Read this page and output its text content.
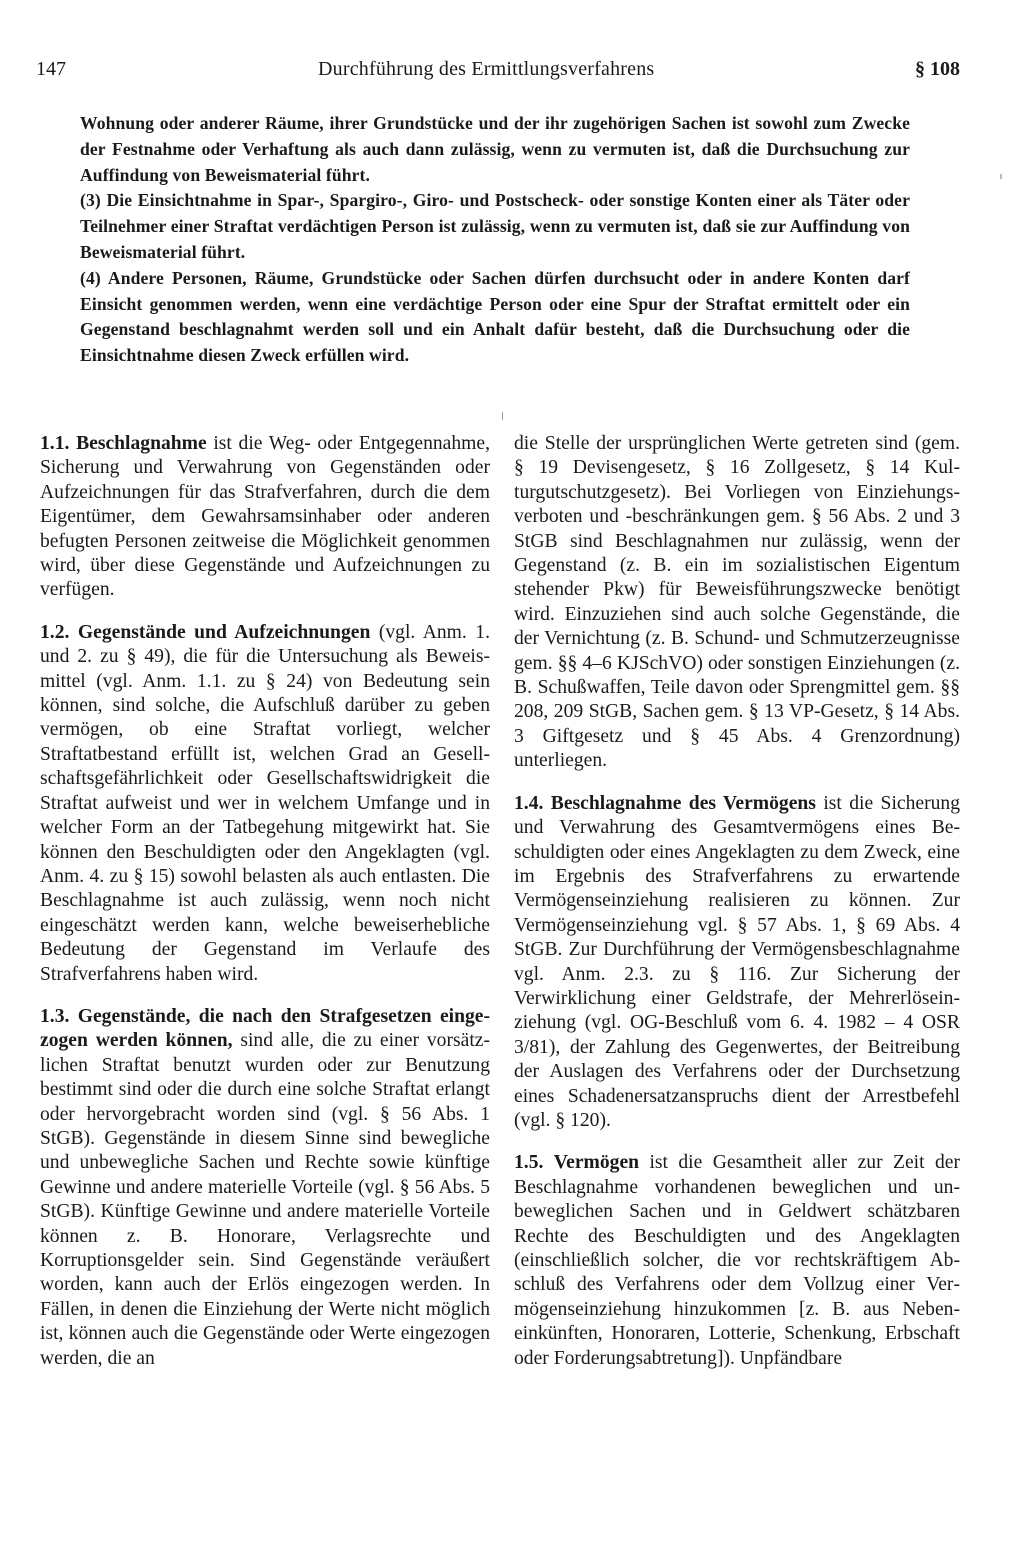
147	Durchführung des Ermittlungsverfahrens	§ 108

Wohnung oder anderer Räume, ihrer Grundstücke und der ihr zugehörigen Sachen ist sowohl zum Zwecke der Festnahme oder Verhaftung als auch dann zulässig, wenn zu vermuten ist, daß die Durchsuchung zur Auffindung von Beweismaterial führt.

(3) Die Einsichtnahme in Spar-, Spargiro-, Giro- und Postscheck- oder sonstige Konten einer als Täter oder Teilnehmer einer Straftat verdächtigen Person ist zulässig, wenn zu vermuten ist, daß sie zur Auffindung von Beweismaterial führt.

(4) Andere Personen, Räume, Grundstücke oder Sachen dürfen durchsucht oder in andere Konten darf Einsicht genommen werden, wenn eine verdächtige Person oder eine Spur der Straftat ermittelt oder ein Gegenstand beschlagnahmt werden soll und ein Anhalt dafür besteht, daß die Durchsuchung oder die Einsichtnahme diesen Zweck erfüllen wird.

1.1. Beschlagnahme ist die Weg- oder Entgegennahme, Sicherung und Verwahrung von Gegenständen oder Aufzeichnungen für das Strafverfahren, durch die dem Eigentümer, dem Gewahrsamsinhaber oder anderen befugten Personen zeitweise die Möglichkeit genommen wird, über diese Gegenstände und Aufzeichnungen zu verfügen.

1.2. Gegenstände und Aufzeichnungen (vgl. Anm. 1. und 2. zu § 49), die für die Untersuchung als Beweismittel (vgl. Anm. 1.1. zu § 24) von Bedeutung sein können, sind solche, die Aufschluß darüber zu geben vermögen, ob eine Straftat vorliegt, welcher Straftatbestand erfüllt ist, welchen Grad an Gesellschaftsgefährlichkeit oder Gesellschaftswidrigkeit die Straftat aufweist und wer in welchem Umfange und in welcher Form an der Tatbegehung mitgewirkt hat. Sie können den Beschuldigten oder den Angeklagten (vgl. Anm. 4. zu § 15) sowohl belasten als auch entlasten. Die Beschlagnahme ist auch zulässig, wenn noch nicht eingeschätzt werden kann, welche beweiserhebliche Bedeutung der Gegenstand im Verlaufe des Strafverfahrens haben wird.

1.3. Gegenstände, die nach den Strafgesetzen eingezogen werden können, sind alle, die zu einer vorsätzlichen Straftat benutzt wurden oder zur Benutzung bestimmt sind oder die durch eine solche Straftat erlangt oder hervorgebracht worden sind (vgl. § 56 Abs. 1 StGB). Gegenstände in diesem Sinne sind bewegliche und unbewegliche Sachen und Rechte sowie künftige Gewinne und andere materielle Vorteile (vgl. § 56 Abs. 5 StGB). Künftige Gewinne und andere materielle Vorteile können z. B. Honorare, Verlagsrechte und Korruptionsgelder sein. Sind Gegenstände veräußert worden, kann auch der Erlös eingezogen werden. In Fällen, in denen die Einziehung der Werte nicht möglich ist, können auch die Gegenstände oder Werte eingezogen werden, die an

die Stelle der ursprünglichen Werte getreten sind (gem. § 19 Devisengesetz, § 16 Zollgesetz, § 14 Kulturgutschutzgesetz). Bei Vorliegen von Einziehungsverboten und -beschränkungen gem. § 56 Abs. 2 und 3 StGB sind Beschlagnahmen nur zulässig, wenn der Gegenstand (z. B. ein im sozialistischen Eigentum stehender Pkw) für Beweisführungszwecke benötigt wird. Einzuziehen sind auch solche Gegenstände, die der Vernichtung (z. B. Schund- und Schmutzerzeugnisse gem. §§ 4–6 KJSchVO) oder sonstigen Einziehungen (z. B. Schußwaffen, Teile davon oder Sprengmittel gem. §§ 208, 209 StGB, Sachen gem. § 13 VP-Gesetz, § 14 Abs. 3 Giftgesetz und § 45 Abs. 4 Grenzordnung) unterliegen.

1.4. Beschlagnahme des Vermögens ist die Sicherung und Verwahrung des Gesamtvermögens eines Beschuldigten oder eines Angeklagten zu dem Zweck, eine im Ergebnis des Strafverfahrens zu erwartende Vermögenseinziehung realisieren zu können. Zur Vermögenseinziehung vgl. § 57 Abs. 1, § 69 Abs. 4 StGB. Zur Durchführung der Vermögensbeschlagnahme vgl. Anm. 2.3. zu § 116. Zur Sicherung der Verwirklichung einer Geldstrafe, der Mehrerlöseinziehung (vgl. OG-Beschluß vom 6. 4. 1982 – 4 OSR 3/81), der Zahlung des Gegenwertes, der Beitreibung der Auslagen des Verfahrens oder der Durchsetzung eines Schadenersatzanspruchs dient der Arrestbefehl (vgl. § 120).

1.5. Vermögen ist die Gesamtheit aller zur Zeit der Beschlagnahme vorhandenen beweglichen und unbeweglichen Sachen und in Geldwert schätzbaren Rechte des Beschuldigten und des Angeklagten (einschließlich solcher, die vor rechtskräftigem Abschluß des Verfahrens oder dem Vollzug einer Vermögenseinziehung hinzukommen [z. B. aus Nebeneinkünften, Honoraren, Lotterie, Schenkung, Erbschaft oder Forderungsabtretung]). Unpfändbare
